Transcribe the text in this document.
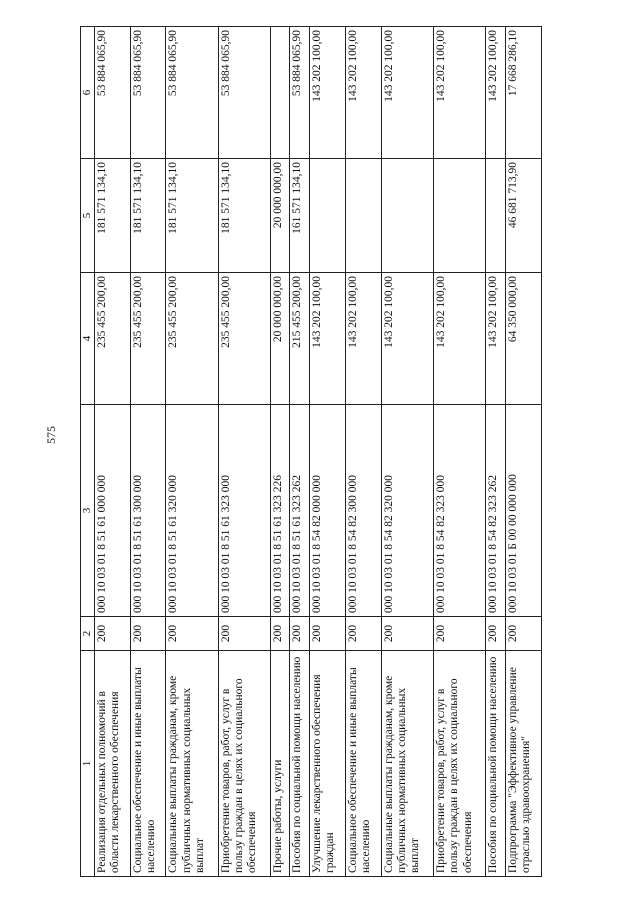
575
1	2	3	4	5	6
Реализация отдельных полномочий в области лекарственного обеспечения	200	000 10 03 01 8 51 61 000 000	235 455 200,00	181 571 134,10	53 884 065,90
Социальное обеспечение и иные выплаты населению	200	000 10 03 01 8 51 61 300 000	235 455 200,00	181 571 134,10	53 884 065,90
Социальные выплаты гражданам, кроме публичных нормативных социальных выплат	200	000 10 03 01 8 51 61 320 000	235 455 200,00	181 571 134,10	53 884 065,90
Приобретение товаров, работ, услуг в пользу граждан в целях их социального обеспечения	200	000 10 03 01 8 51 61 323 000	235 455 200,00	181 571 134,10	53 884 065,90
Прочие работы, услуги	200	000 10 03 01 8 51 61 323 226	20 000 000,00	20 000 000,00	
Пособия по социальной помощи населению	200	000 10 03 01 8 51 61 323 262	215 455 200,00	161 571 134,10	53 884 065,90
Улучшение лекарственного обеспечения граждан	200	000 10 03 01 8 54 82 000 000	143 202 100,00		143 202 100,00
Социальное обеспечение и иные выплаты населению	200	000 10 03 01 8 54 82 300 000	143 202 100,00		143 202 100,00
Социальные выплаты гражданам, кроме публичных нормативных социальных выплат	200	000 10 03 01 8 54 82 320 000	143 202 100,00		143 202 100,00
Приобретение товаров, работ, услуг в пользу граждан в целях их социального обеспечения	200	000 10 03 01 8 54 82 323 000	143 202 100,00		143 202 100,00
Пособия по социальной помощи населению	200	000 10 03 01 8 54 82 323 262	143 202 100,00		143 202 100,00
Подпрограмма "Эффективное управление отраслью здравоохранения"	200	000 10 03 01 Б 00 00 000 000	64 350 000,00	46 681 713,90	17 668 286,10
